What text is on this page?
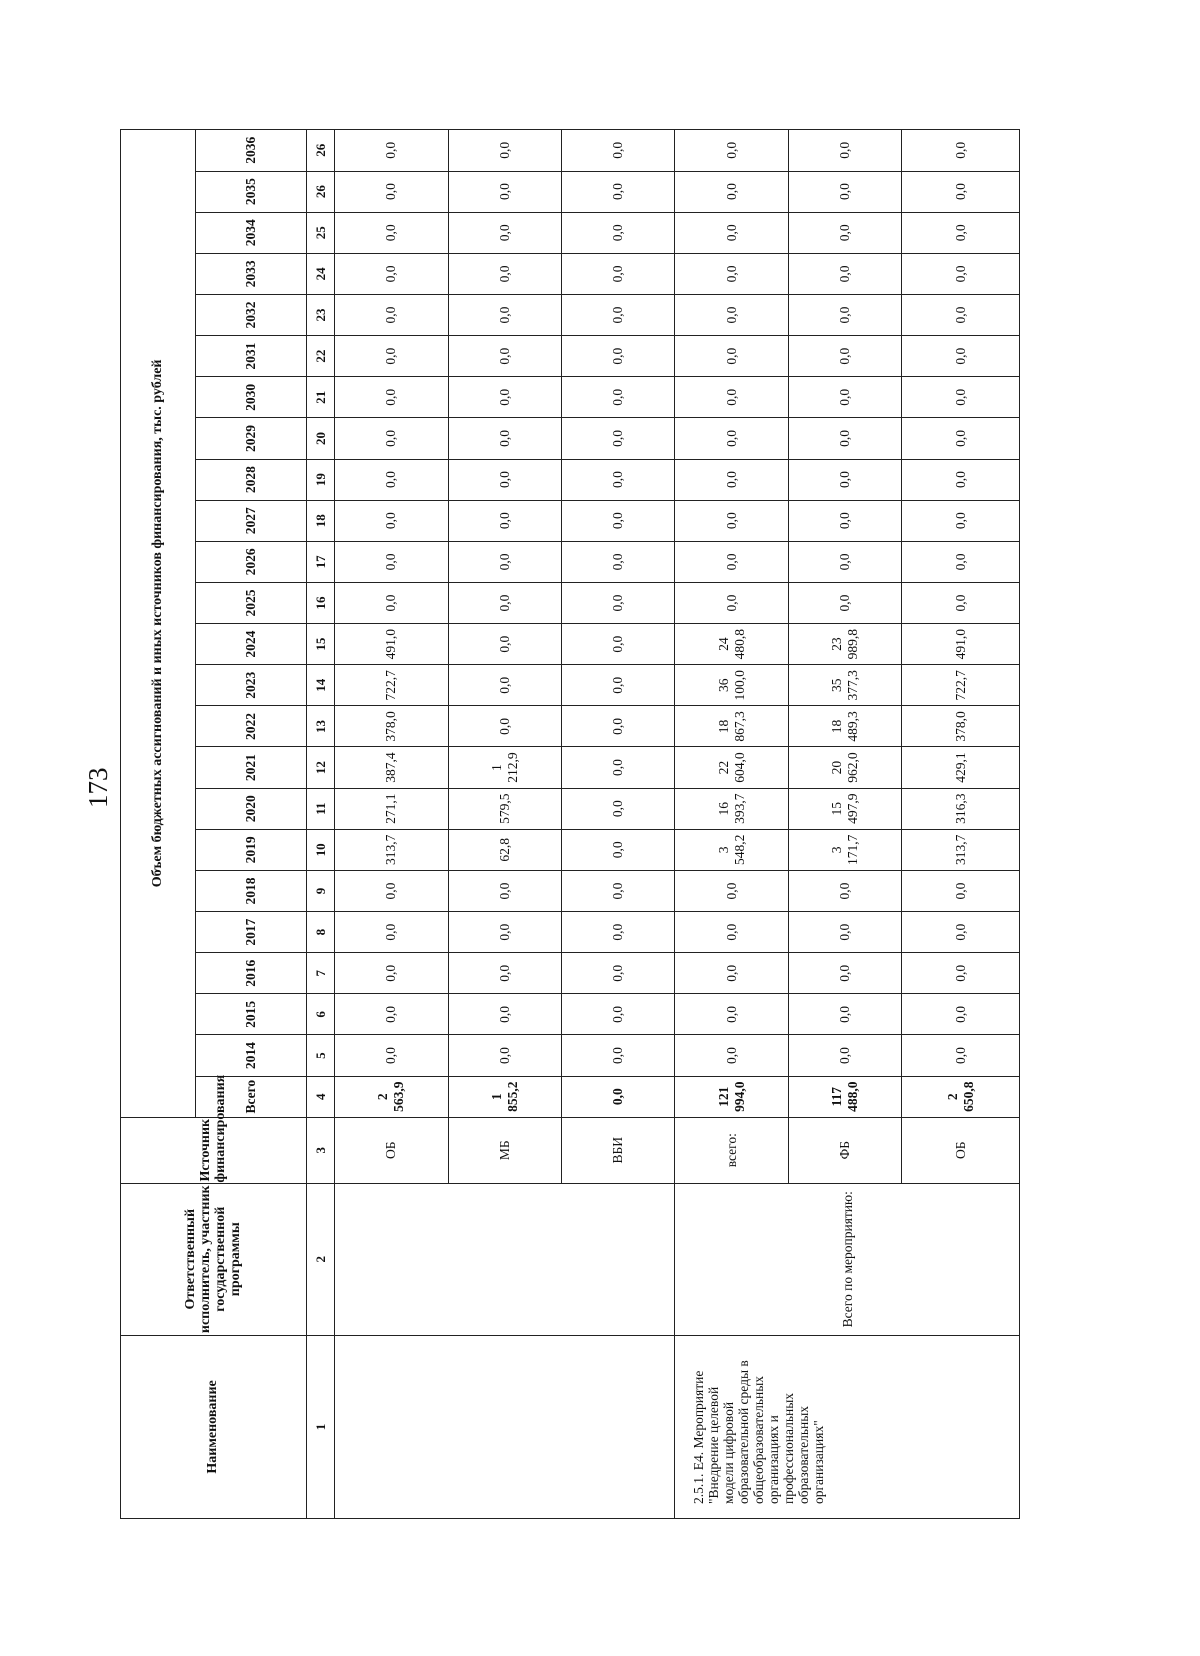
173
Наименование	Ответственный исполнитель, участник государственной программы	Источник финансирования	Объем бюджетных ассигнований и иных источников финансирования, тыс. рублей																							
			Всего	2014	2015	2016	2017	2018	2019	2020	2021	2022	2023	2024	2025	2026	2027	2028	2029	2030	2031	2032	2033	2034	2035	2036
1	2	3	4	5	6	7	8	9	10	11	12	13	14	15	16	17	18	19	20	21	22	23	24	25	26	26
		ОБ	2 563,9	0,0	0,0	0,0	0,0	0,0	313,7	271,1	387,4	378,0	722,7	491,0	0,0	0,0	0,0	0,0	0,0	0,0	0,0	0,0	0,0	0,0	0,0	0,0
		МБ	1 855,2	0,0	0,0	0,0	0,0	0,0	62,8	579,5	1 212,9	0,0	0,0	0,0	0,0	0,0	0,0	0,0	0,0	0,0	0,0	0,0	0,0	0,0	0,0	0,0
		ВБИ	0,0	0,0	0,0	0,0	0,0	0,0	0,0	0,0	0,0	0,0	0,0	0,0	0,0	0,0	0,0	0,0	0,0	0,0	0,0	0,0	0,0	0,0	0,0	0,0
2.5.1. Е4. Мероприятие "Внедрение целевой модели цифровой образовательной среды в общеобразовательных организациях и профессиональных образовательных организациях"	Всего по мероприятию:	всего:	121 994,0	0,0	0,0	0,0	0,0	0,0	3 548,2	16 393,7	22 604,0	18 867,3	36 100,0	24 480,8	0,0	0,0	0,0	0,0	0,0	0,0	0,0	0,0	0,0	0,0	0,0	0,0
		ФБ	117 488,0	0,0	0,0	0,0	0,0	0,0	3 171,7	15 497,9	20 962,0	18 489,3	35 377,3	23 989,8	0,0	0,0	0,0	0,0	0,0	0,0	0,0	0,0	0,0	0,0	0,0	0,0
		ОБ	2 650,8	0,0	0,0	0,0	0,0	0,0	313,7	316,3	429,1	378,0	722,7	491,0	0,0	0,0	0,0	0,0	0,0	0,0	0,0	0,0	0,0	0,0	0,0	0,0
